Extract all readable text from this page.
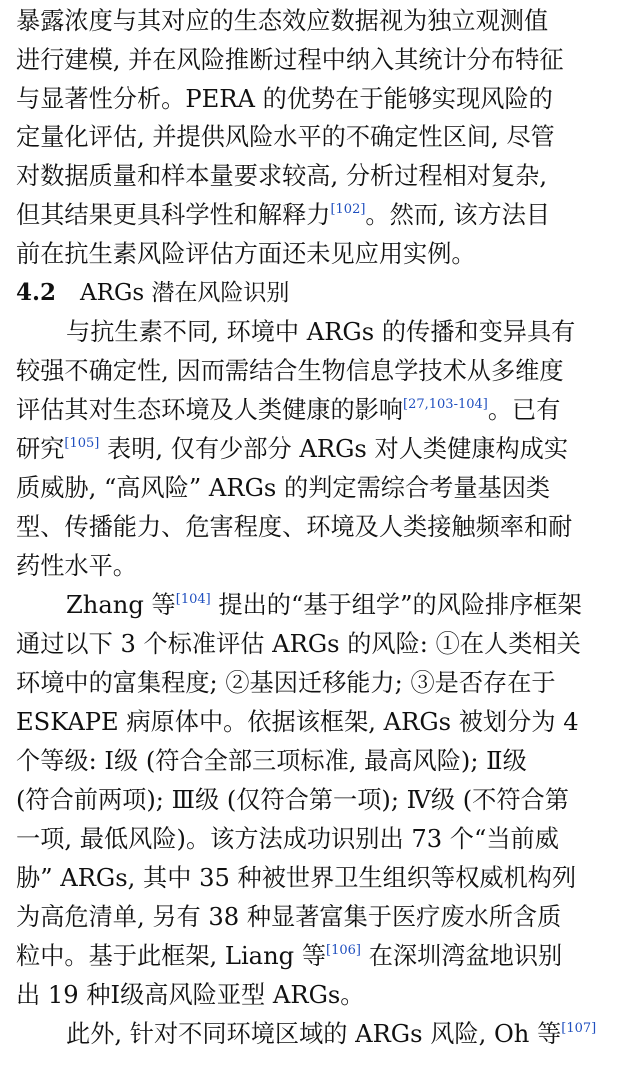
暴露浓度与其对应的生态效应数据视为独立观测值
进行建模, 并在风险推断过程中纳入其统计分布特征
与显著性分析。PERA 的优势在于能够实现风险的
定量化评估, 并提供风险水平的不确定性区间, 尽管
对数据质量和样本量要求较高, 分析过程相对复杂,
但其结果更具科学性和解释力[102]。然而, 该方法目
前在抗生素风险评估方面还未见应用实例。
4.2 ARGs 潜在风险识别
与抗生素不同, 环境中 ARGs 的传播和变异具有
较强不确定性, 因而需结合生物信息学技术从多维度
评估其对生态环境及人类健康的影响[27,103-104]。已有
研究[105] 表明, 仅有少部分 ARGs 对人类健康构成实
质威胁, “高风险” ARGs 的判定需综合考量基因类
型、传播能力、危害程度、环境及人类接触频率和耐
药性水平。
Zhang 等[104] 提出的“基于组学”的风险排序框架
通过以下 3 个标准评估 ARGs 的风险: ①在人类相关
环境中的富集程度; ②基因迁移能力; ③是否存在于
ESKAPE 病原体中。依据该框架, ARGs 被划分为 4
个等级: Ⅰ级 (符合全部三项标准, 最高风险); Ⅱ级
(符合前两项); Ⅲ级 (仅符合第一项); Ⅳ级 (不符合第
一项, 最低风险)。该方法成功识别出 73 个“当前威
胁” ARGs, 其中 35 种被世界卫生组织等权威机构列
为高危清单, 另有 38 种显著富集于医疗废水所含质
粒中。基于此框架, Liang 等[106] 在深圳湾盆地识别
出 19 种Ⅰ级高风险亚型 ARGs。
此外, 针对不同环境区域的 ARGs 风险, Oh 等[107]
